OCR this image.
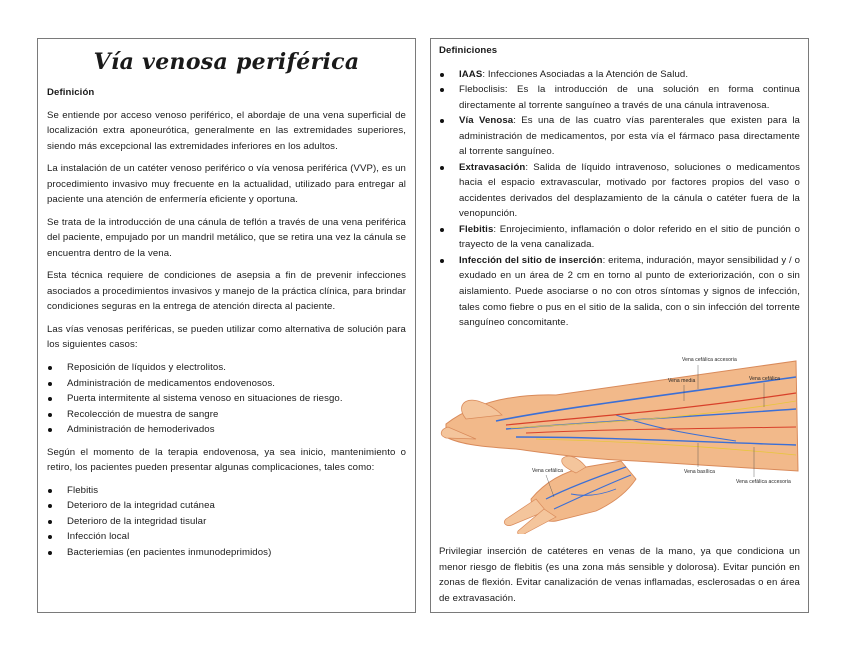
Vía venosa periférica
Definición

Se entiende por acceso venoso periférico, el abordaje de una vena superficial de localización extra aponeurótica, generalmente en las extremidades superiores, siendo más excepcional las extremidades inferiores en los adultos.

La instalación de un catéter venoso periférico o vía venosa periférica (VVP), es un procedimiento invasivo muy frecuente en la actualidad, utilizado para entregar al paciente una atención de enfermería eficiente y oportuna.

Se trata de la introducción de una cánula de teflón a través de una vena periférica del paciente, empujado por un mandril metálico, que se retira una vez la cánula se encuentra dentro de la vena.

Esta técnica requiere de condiciones de asepsia a fin de prevenir infecciones asociados a procedimientos invasivos y manejo de la práctica clínica, para brindar condiciones seguras en la entrega de atención directa al paciente.

Las vías venosas periféricas, se pueden utilizar como alternativa de solución para los siguientes casos:

Reposición de líquidos y electrolitos.
Administración de medicamentos endovenosos.
Puerta intermitente al sistema venoso en situaciones de riesgo.
Recolección de muestra de sangre
Administración de hemoderivados

Según el momento de la terapia endovenosa, ya sea inicio, mantenimiento o retiro, los pacientes pueden presentar algunas complicaciones, tales como:

Flebitis
Deterioro de la integridad cutánea
Deterioro de la integridad tisular
Infección local
Bacteriemias (en pacientes inmunodeprimidos)
Definiciones
IAAS: Infecciones Asociadas a la Atención de Salud.
Fleboclisis: Es la introducción de una solución en forma continua directamente al torrente sanguíneo a través de una cánula intravenosa.
Vía Venosa: Es una de las cuatro vías parenterales que existen para la administración de medicamentos, por esta vía el fármaco pasa directamente al torrente sanguíneo.
Extravasación: Salida de líquido intravenoso, soluciones o medicamentos hacia el espacio extravascular, motivado por factores propios del vaso o accidentes derivados del desplazamiento de la cánula o catéter fuera de la venopunción.
Flebitis: Enrojecimiento, inflamación o dolor referido en el sitio de punción o trayecto de la vena canalizada.
Infección del sitio de inserción: eritema, induración, mayor sensibilidad y / o exudado en un área de 2 cm en torno al punto de exteriorización, con o sin aislamiento. Puede asociarse o no con otros síntomas y signos de infección, tales como fiebre o pus en el sitio de la salida, con o sin infección del torrente sanguíneo concomitante.
Vena cefálica accesoria
Vena media	Vena cefálica
Vena cefálica	Vena basílica
Vena cefálica accesoria

Privilegiar inserción de catéteres en venas de la mano, ya que condiciona un menor riesgo de flebitis (es una zona más sensible y dolorosa). Evitar punción en zonas de flexión. Evitar canalización de venas inflamadas, esclerosadas o en área de extravasación.
